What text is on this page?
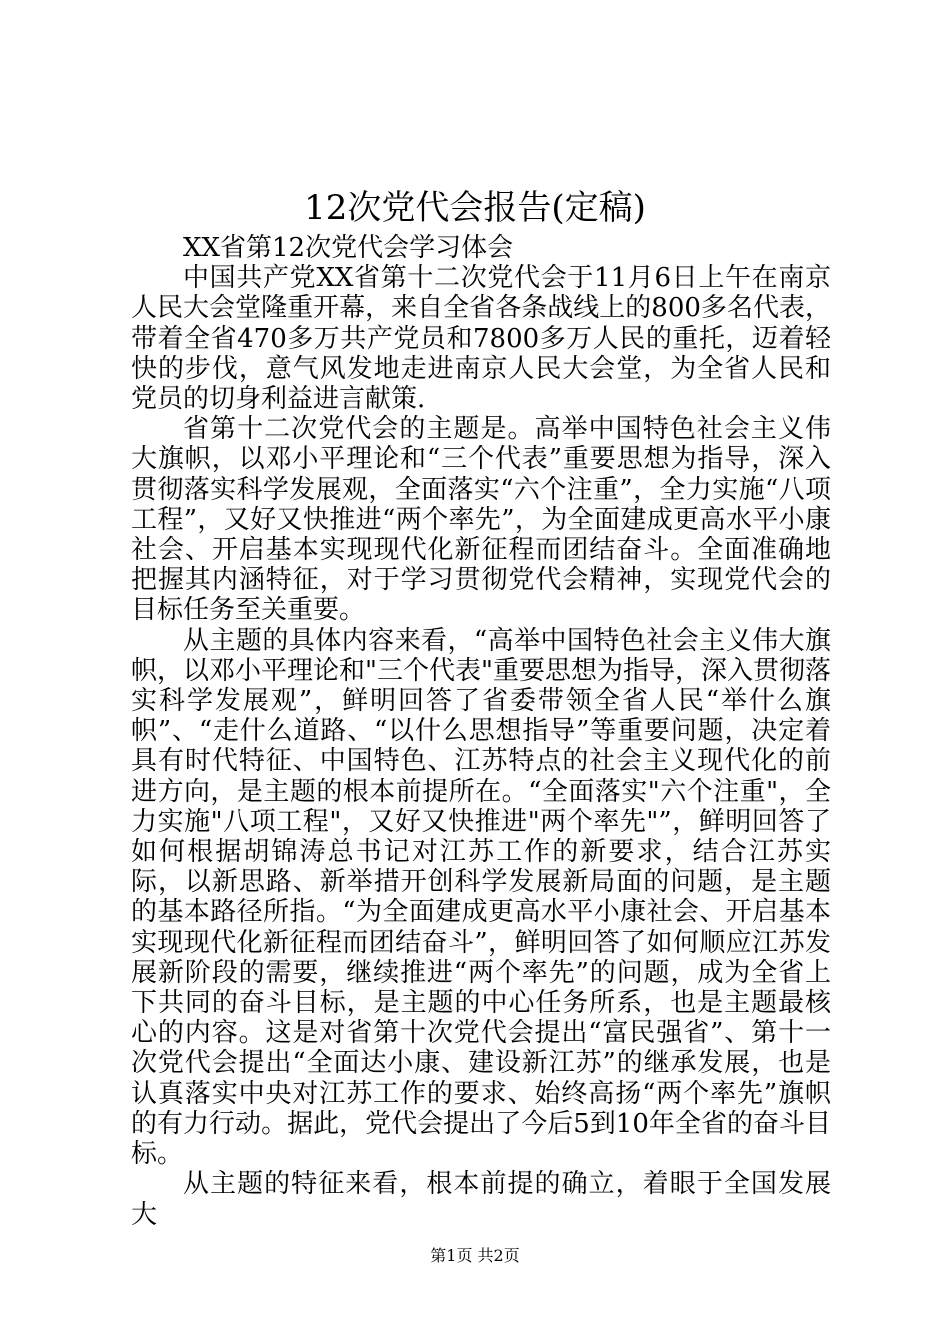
12次党代会报告(定稿)

XX省第12次党代会学习体会

中国共产党XX省第十二次党代会于11月6日上午在南京人民大会堂隆重开幕，来自全省各条战线上的800多名代表，带着全省470多万共产党员和7800多万人民的重托，迈着轻快的步伐，意气风发地走进南京人民大会堂，为全省人民和党员的切身利益进言献策.

省第十二次党代会的主题是。高举中国特色社会主义伟大旗帜，以邓小平理论和“三个代表”重要思想为指导，深入贯彻落实科学发展观，全面落实“六个注重”，全力实施“八项工程”，又好又快推进“两个率先”，为全面建成更高水平小康社会、开启基本实现现代化新征程而团结奋斗。全面准确地把握其内涵特征，对于学习贯彻党代会精神，实现党代会的目标任务至关重要。

从主题的具体内容来看，“高举中国特色社会主义伟大旗帜，以邓小平理论和"三个代表"重要思想为指导，深入贯彻落实科学发展观”，鲜明回答了省委带领全省人民“举什么旗帜”、“走什么道路、“以什么思想指导”等重要问题，决定着具有时代特征、中国特色、江苏特点的社会主义现代化的前进方向，是主题的根本前提所在。“全面落实"六个注重"，全力实施"八项工程"，又好又快推进"两个率先"”，鲜明回答了如何根据胡锦涛总书记对江苏工作的新要求，结合江苏实际，以新思路、新举措开创科学发展新局面的问题，是主题的基本路径所指。“为全面建成更高水平小康社会、开启基本实现现代化新征程而团结奋斗”，鲜明回答了如何顺应江苏发展新阶段的需要，继续推进“两个率先”的问题，成为全省上下共同的奋斗目标，是主题的中心任务所系，也是主题最核心的内容。这是对省第十次党代会提出“富民强省”、第十一次党代会提出“全面达小康、建设新江苏”的继承发展，也是认真落实中央对江苏工作的要求、始终高扬“两个率先”旗帜的有力行动。据此，党代会提出了今后5到10年全省的奋斗目标。

从主题的特征来看，根本前提的确立，着眼于全国发展大

第1页 共2页
